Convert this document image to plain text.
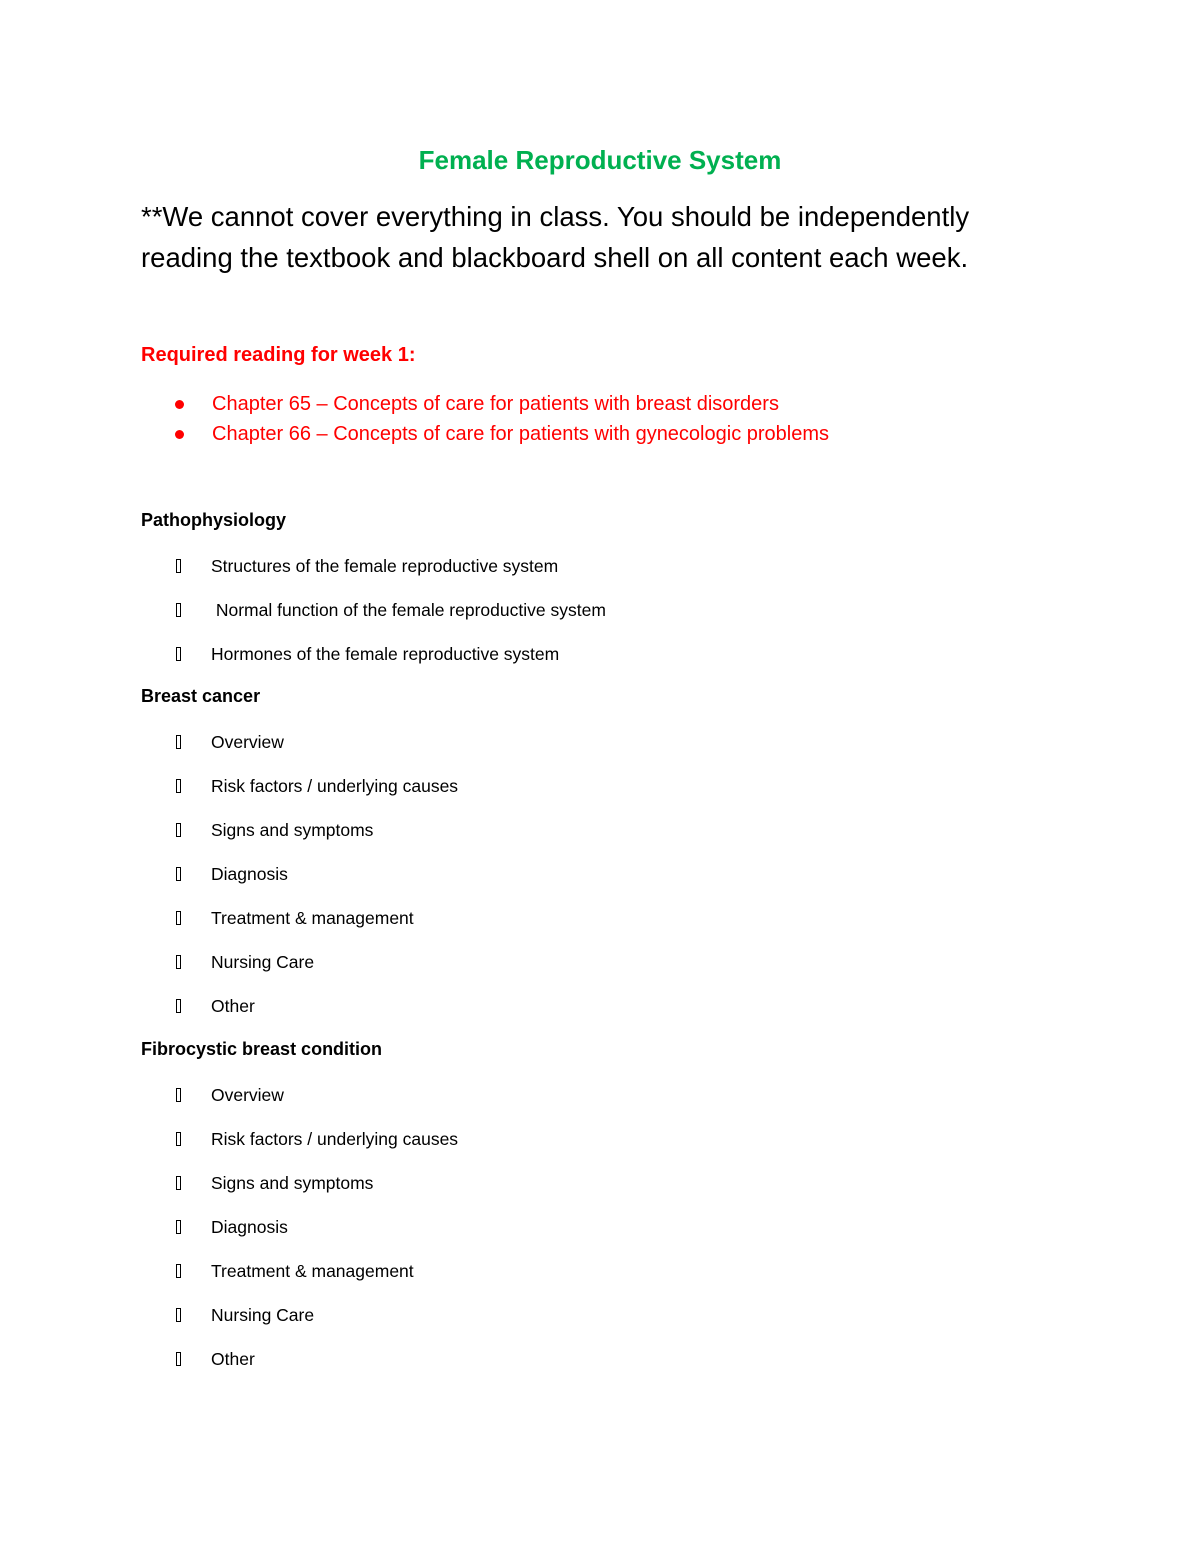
Female Reproductive System

**We cannot cover everything in class. You should be independently

reading the textbook and blackboard shell on all content each week.

Required reading for week 1:
Chapter 65 – Concepts of care for patients with breast disorders
Chapter 66 – Concepts of care for patients with gynecologic problems
Pathophysiology
Structures of the female reproductive system
Normal function of the female reproductive system
Hormones of the female reproductive system
Breast cancer
Overview
Risk factors / underlying causes
Signs and symptoms
Diagnosis
Treatment & management
Nursing Care
Other
Fibrocystic breast condition
Overview
Risk factors / underlying causes
Signs and symptoms
Diagnosis
Treatment & management
Nursing Care
Other
